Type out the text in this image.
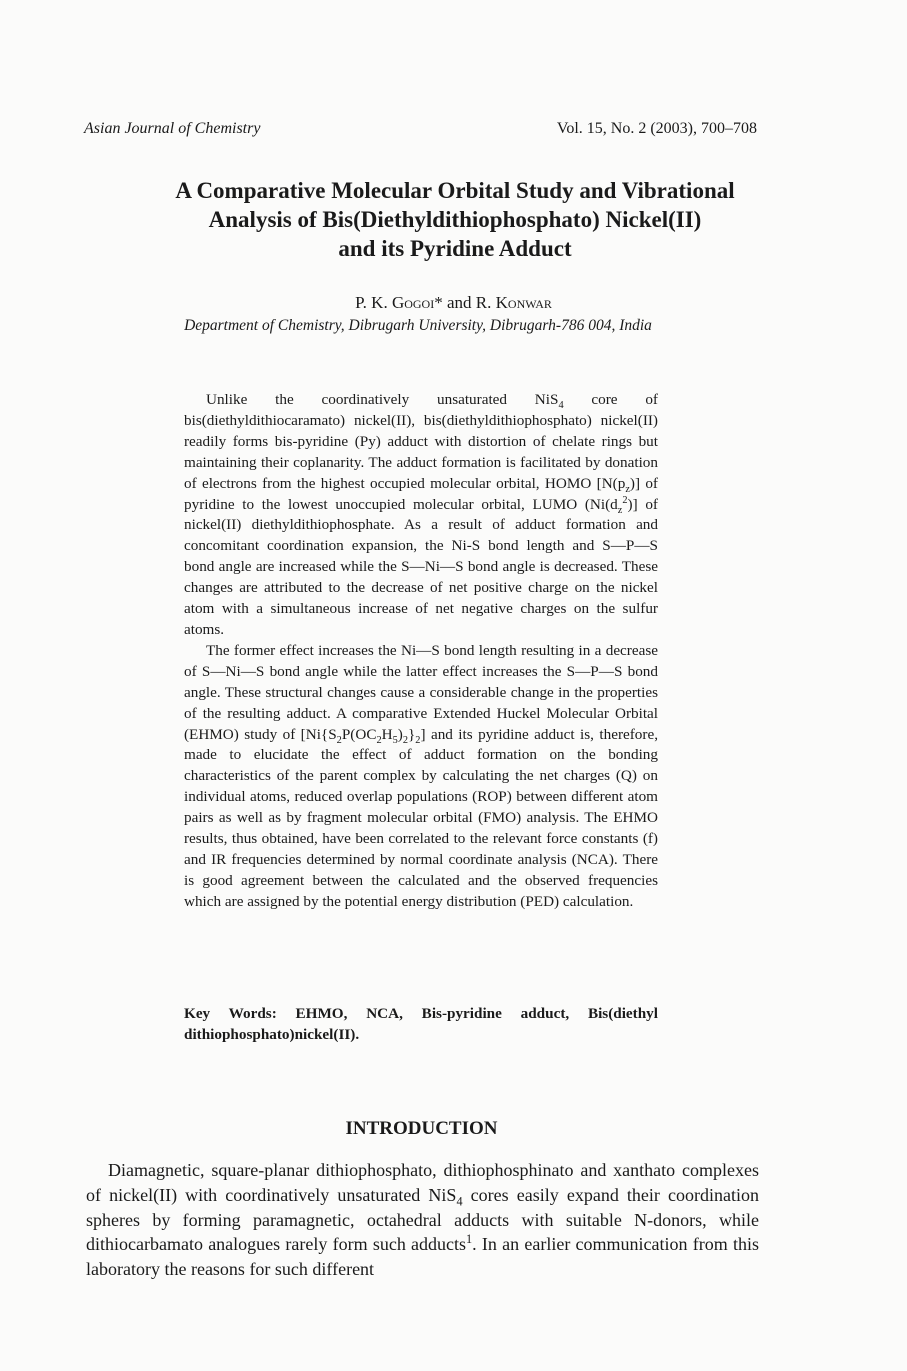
Asian Journal of Chemistry	Vol. 15, No. 2 (2003), 700–708
A Comparative Molecular Orbital Study and Vibrational
Analysis of Bis(Diethyldithiophosphato) Nickel(II)
and its Pyridine Adduct
P. K. Gogoi* and R. Konwar
Department of Chemistry, Dibrugarh University, Dibrugarh-786 004, India

Unlike the coordinatively unsaturated NiS$_4$ core of bis(diethyldithiocaramato) nickel(II), bis(diethyldithiophosphato) nickel(II) readily forms bis-pyridine (Py) adduct with distortion of chelate rings but maintaining their coplanarity. The adduct formation is facilitated by donation of electrons from the highest occupied molecular orbital, HOMO $[N(p_z)]$ of pyridine to the lowest unoccupied molecular orbital, LUMO $(Ni(d_z^2)]$ of nickel(II) diethyldithiophosphate. As a result of adduct formation and concomitant coordination expansion, the Ni-S bond length and S—P—S bond angle are increased while the S—Ni—S bond angle is decreased. These changes are attributed to the decrease of net positive charge on the nickel atom with a simultaneous increase of net negative charges on the sulfur atoms.

The former effect increases the Ni—S bond length resulting in a decrease of S—Ni—S bond angle while the latter effect increases the S—P—S bond angle. These structural changes cause a considerable change in the properties of the resulting adduct. A comparative Extended Huckel Molecular Orbital (EHMO) study of $[Ni\{S_2P(OC_2H_5)_2\}_2]$ and its pyridine adduct is, therefore, made to elucidate the effect of adduct formation on the bonding characteristics of the parent complex by calculating the net charges (Q) on individual atoms, reduced overlap populations (ROP) between different atom pairs as well as by fragment molecular orbital (FMO) analysis. The EHMO results, thus obtained, have been correlated to the relevant force constants (f) and IR frequencies determined by normal coordinate analysis (NCA). There is good agreement between the calculated and the observed frequencies which are assigned by the potential energy distribution (PED) calculation.

Key Words: EHMO, NCA, Bis-pyridine adduct, Bis(diethyl dithiophosphato)nickel(II).
INTRODUCTION

Diamagnetic, square-planar dithiophosphato, dithiophosphinato and xanthato complexes of nickel(II) with coordinatively unsaturated NiS$_4$ cores easily expand their coordination spheres by forming paramagnetic, octahedral adducts with suitable N-donors, while dithiocarbamato analogues rarely form such adducts$^1$. In an earlier communication from this laboratory the reasons for such different
